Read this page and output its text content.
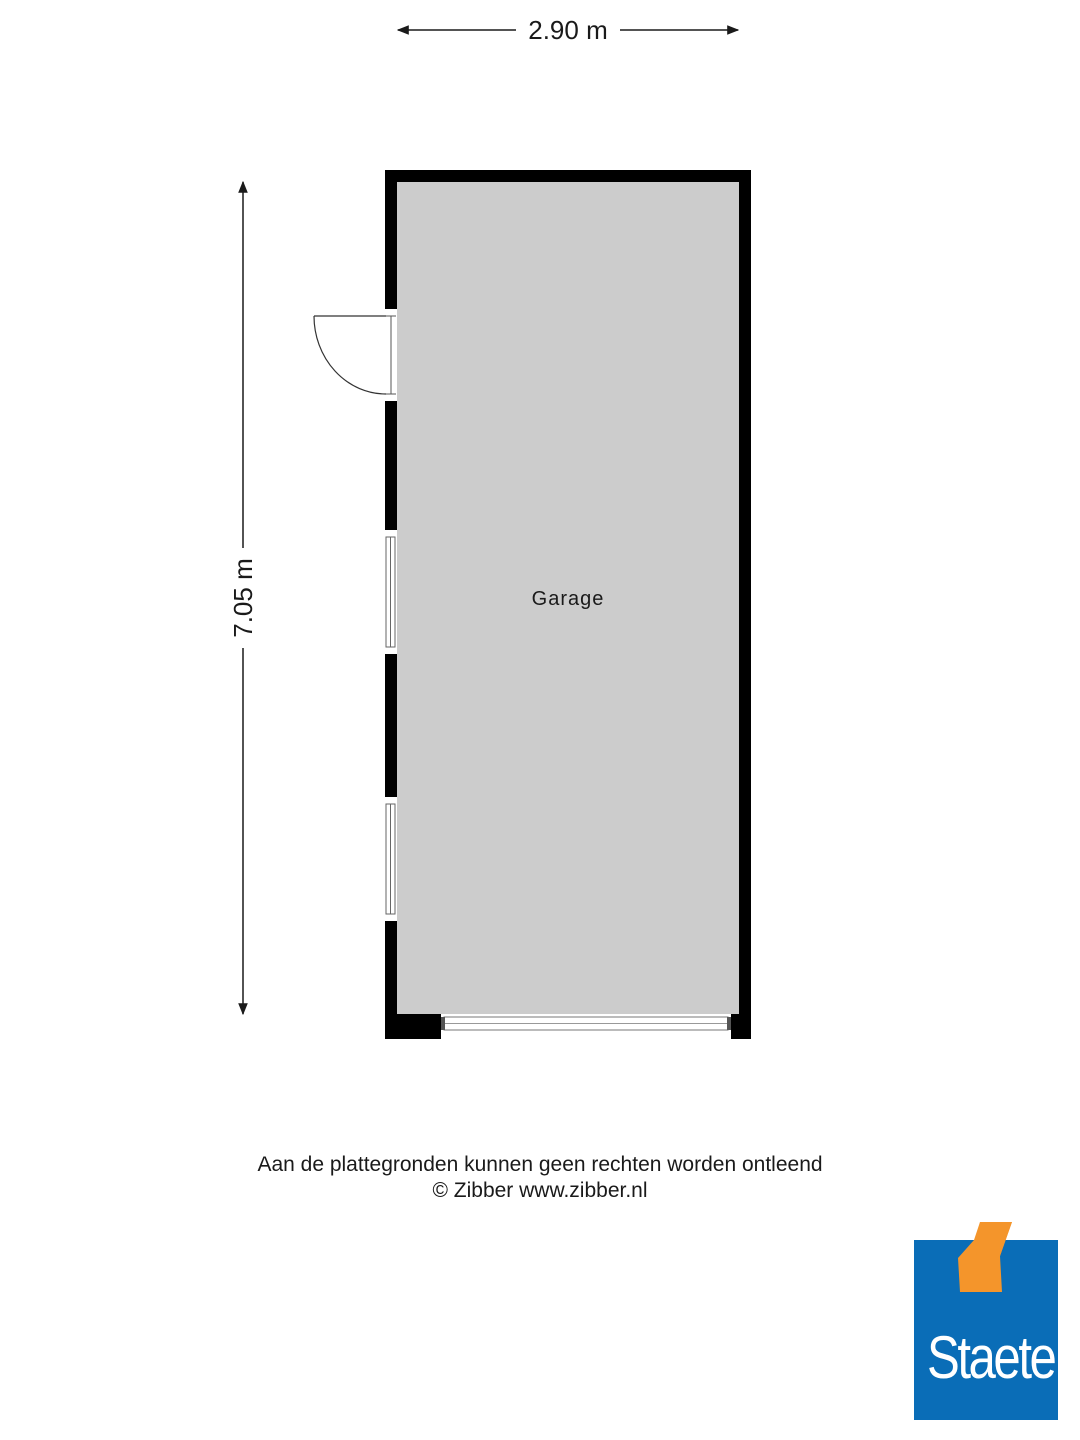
2.90 m
7.05 m	Garage
Aan de plattegronden kunnen geen rechten worden ontleend
© Zibber www.zibber.nl
Staete
